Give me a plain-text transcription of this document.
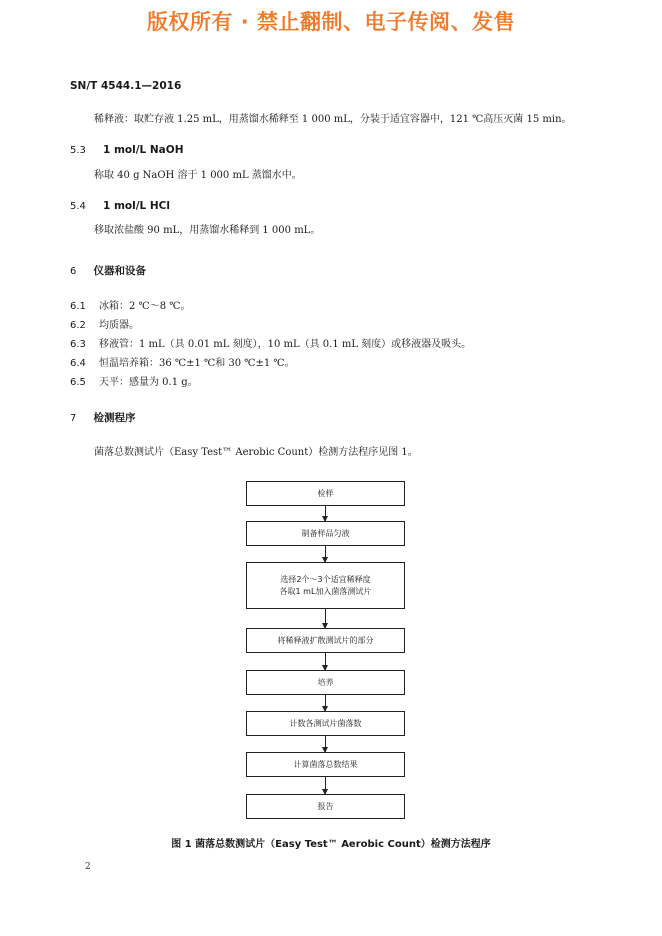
版权所有 · 禁止翻制、电子传阅、发售
SN/T 4544.1—2016
稀释液：取贮存液 1.25 mL，用蒸馏水稀释至 1 000 mL，分装于适宜容器中，121 ℃高压灭菌 15 min。
5.3 1 mol/L NaOH
称取 40 g NaOH 溶于 1 000 mL 蒸馏水中。
5.4 1 mol/L HCl
移取浓盐酸 90 mL，用蒸馏水稀释到 1 000 mL。
6 仪器和设备
6.1 冰箱：2 ℃～8 ℃。
6.2 均质器。
6.3 移液管：1 mL（具 0.01 mL 刻度），10 mL（具 0.1 mL 刻度）或移液器及吸头。
6.4 恒温培养箱：36 ℃±1 ℃和 30 ℃±1 ℃。
6.5 天平：感量为 0.1 g。
7 检测程序
菌落总数测试片（Easy Test™ Aerobic Count）检测方法程序见图 1。
检样
制备样品匀液
选择2个～3个适宜稀释度
各取1 mL加入菌落测试片
将稀释液扩散测试片的部分
培养
计数各测试片菌落数
计算菌落总数结果
报告
图 1 菌落总数测试片（Easy Test™ Aerobic Count）检测方法程序
2
